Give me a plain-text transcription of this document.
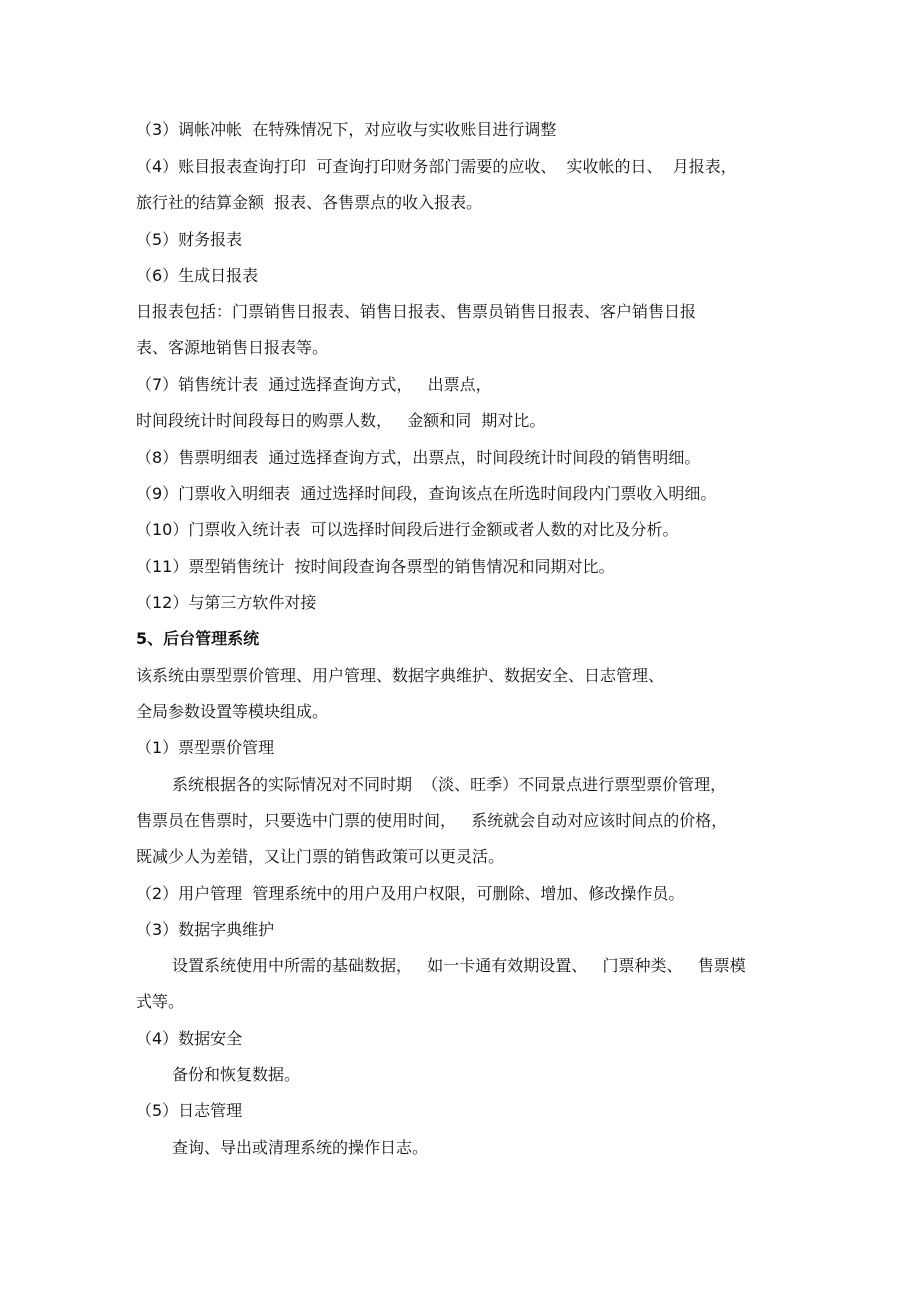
（3）调帐冲帐  在特殊情况下，对应收与实收账目进行调整

（4）账目报表查询打印  可查询打印财务部门需要的应收、  实收帐的日、  月报表，

旅行社的结算金额  报表、各售票点的收入报表。

（5）财务报表

（6）生成日报表

日报表包括：门票销售日报表、销售日报表、售票员销售日报表、客户销售日报

表、客源地销售日报表等。

（7）销售统计表  通过选择查询方式，   出票点，

时间段统计时间段每日的购票人数，   金额和同  期对比。

（8）售票明细表  通过选择查询方式，出票点，时间段统计时间段的销售明细。

（9）门票收入明细表  通过选择时间段，查询该点在所选时间段内门票收入明细。

（10）门票收入统计表  可以选择时间段后进行金额或者人数的对比及分析。

（11）票型销售统计  按时间段查询各票型的销售情况和同期对比。

（12）与第三方软件对接

5、后台管理系统

该系统由票型票价管理、用户管理、数据字典维护、数据安全、日志管理、

全局参数设置等模块组成。

（1）票型票价管理

系统根据各的实际情况对不同时期  （淡、旺季）不同景点进行票型票价管理，

售票员在售票时，只要选中门票的使用时间，   系统就会自动对应该时间点的价格，

既减少人为差错，又让门票的销售政策可以更灵活。

（2）用户管理  管理系统中的用户及用户权限，可删除、增加、修改操作员。

（3）数据字典维护

设置系统使用中所需的基础数据，   如一卡通有效期设置、   门票种类、   售票模

式等。

（4）数据安全

备份和恢复数据。

（5）日志管理

查询、导出或清理系统的操作日志。
